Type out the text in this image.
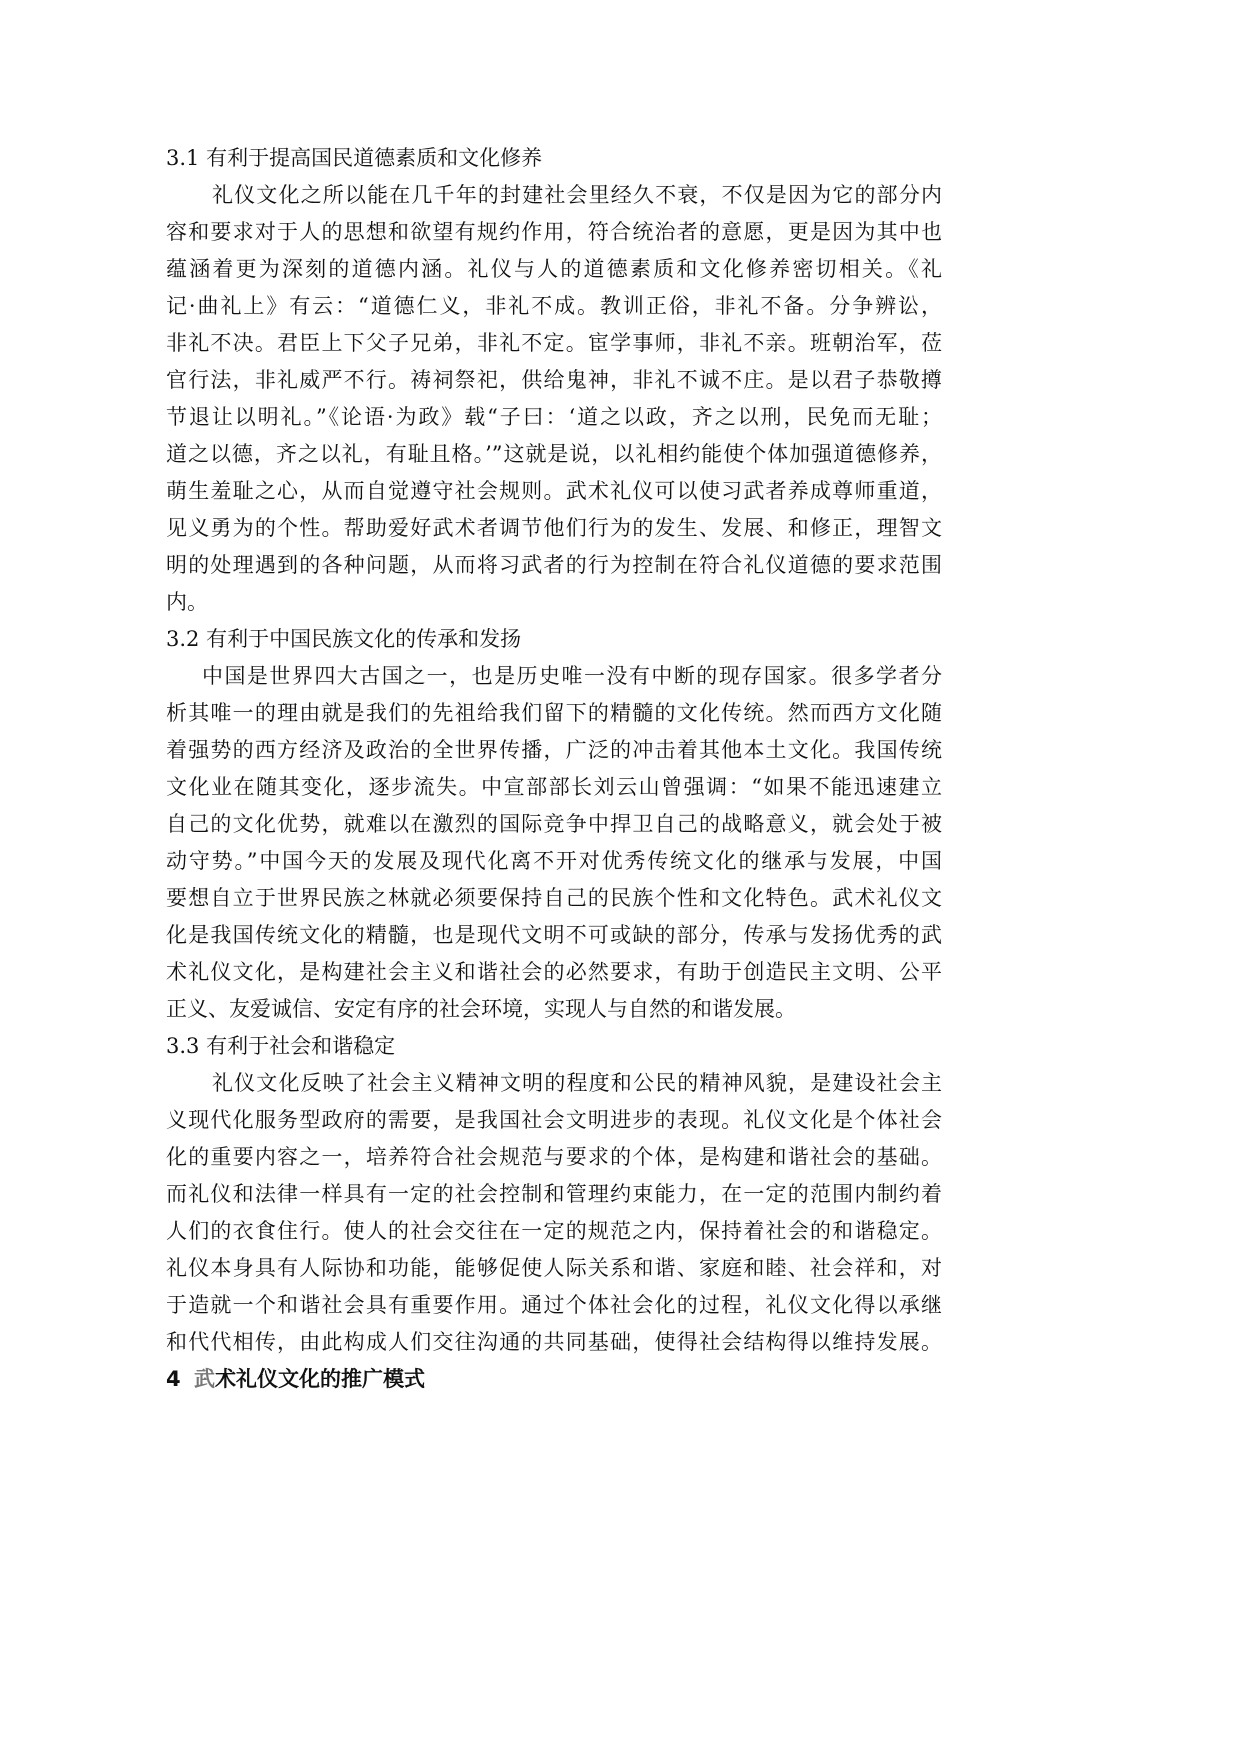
3.1 有利于提高国民道德素质和文化修养
礼仪文化之所以能在几千年的封建社会里经久不衰，不仅是因为它的部分内
容和要求对于人的思想和欲望有规约作用，符合统治者的意愿，更是因为其中也
蕴涵着更为深刻的道德内涵。礼仪与人的道德素质和文化修养密切相关。《礼
记·曲礼上》有云：“道德仁义，非礼不成。教训正俗，非礼不备。分争辨讼，
非礼不决。君臣上下父子兄弟，非礼不定。宦学事师，非礼不亲。班朝治军，莅
官行法，非礼威严不行。祷祠祭祀，供给鬼神，非礼不诚不庄。是以君子恭敬撙
节退让以明礼。”《论语·为政》载“子曰：‘道之以政，齐之以刑，民免而无耻；
道之以德，齐之以礼，有耻且格。’”这就是说，以礼相约能使个体加强道德修养，
萌生羞耻之心，从而自觉遵守社会规则。武术礼仪可以使习武者养成尊师重道，
见义勇为的个性。帮助爱好武术者调节他们行为的发生、发展、和修正，理智文
明的处理遇到的各种问题，从而将习武者的行为控制在符合礼仪道德的要求范围
内。
3.2 有利于中国民族文化的传承和发扬
中国是世界四大古国之一，也是历史唯一没有中断的现存国家。很多学者分
析其唯一的理由就是我们的先祖给我们留下的精髓的文化传统。然而西方文化随
着强势的西方经济及政治的全世界传播，广泛的冲击着其他本土文化。我国传统
文化业在随其变化，逐步流失。中宣部部长刘云山曾强调：“如果不能迅速建立
自己的文化优势，就难以在激烈的国际竞争中捍卫自己的战略意义，就会处于被
动守势。”中国今天的发展及现代化离不开对优秀传统文化的继承与发展，中国
要想自立于世界民族之林就必须要保持自己的民族个性和文化特色。武术礼仪文
化是我国传统文化的精髓，也是现代文明不可或缺的部分，传承与发扬优秀的武
术礼仪文化，是构建社会主义和谐社会的必然要求，有助于创造民主文明、公平
正义、友爱诚信、安定有序的社会环境，实现人与自然的和谐发展。
3.3 有利于社会和谐稳定
礼仪文化反映了社会主义精神文明的程度和公民的精神风貌，是建设社会主
义现代化服务型政府的需要，是我国社会文明进步的表现。礼仪文化是个体社会
化的重要内容之一，培养符合社会规范与要求的个体，是构建和谐社会的基础。
而礼仪和法律一样具有一定的社会控制和管理约束能力，在一定的范围内制约着
人们的衣食住行。使人的社会交往在一定的规范之内，保持着社会的和谐稳定。
礼仪本身具有人际协和功能，能够促使人际关系和谐、家庭和睦、社会祥和，对
于造就一个和谐社会具有重要作用。通过个体社会化的过程，礼仪文化得以承继
和代代相传，由此构成人们交往沟通的共同基础，使得社会结构得以维持发展。
4 武术礼仪文化的推广模式
